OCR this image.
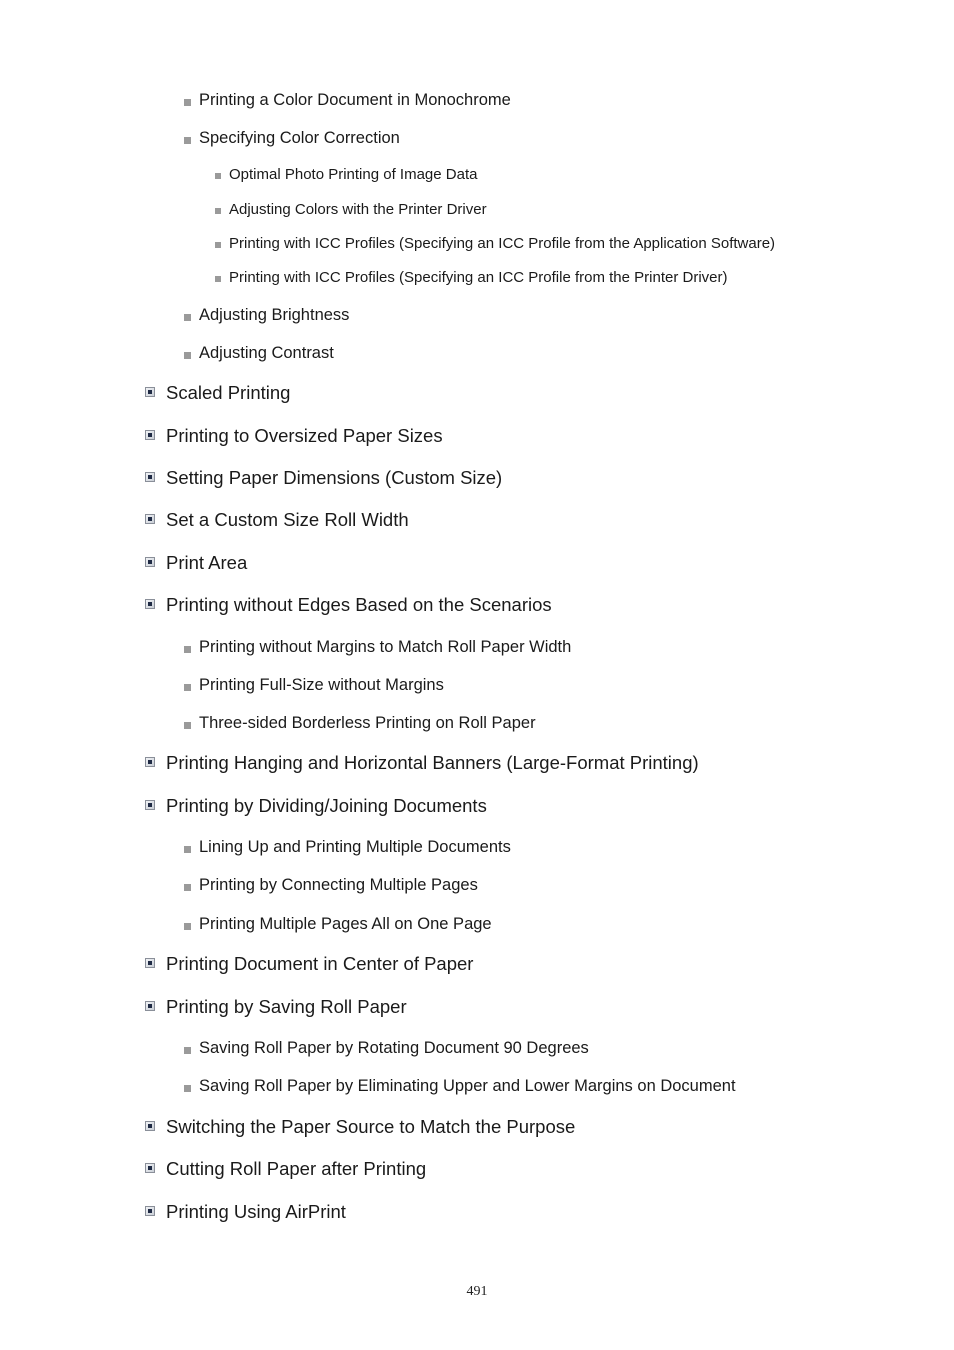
Printing a Color Document in Monochrome
Specifying Color Correction
Optimal Photo Printing of Image Data
Adjusting Colors with the Printer Driver
Printing with ICC Profiles (Specifying an ICC Profile from the Application Software)
Printing with ICC Profiles (Specifying an ICC Profile from the Printer Driver)
Adjusting Brightness
Adjusting Contrast
Scaled Printing
Printing to Oversized Paper Sizes
Setting Paper Dimensions (Custom Size)
Set a Custom Size Roll Width
Print Area
Printing without Edges Based on the Scenarios
Printing without Margins to Match Roll Paper Width
Printing Full-Size without Margins
Three-sided Borderless Printing on Roll Paper
Printing Hanging and Horizontal Banners (Large-Format Printing)
Printing by Dividing/Joining Documents
Lining Up and Printing Multiple Documents
Printing by Connecting Multiple Pages
Printing Multiple Pages All on One Page
Printing Document in Center of Paper
Printing by Saving Roll Paper
Saving Roll Paper by Rotating Document 90 Degrees
Saving Roll Paper by Eliminating Upper and Lower Margins on Document
Switching the Paper Source to Match the Purpose
Cutting Roll Paper after Printing
Printing Using AirPrint
491
